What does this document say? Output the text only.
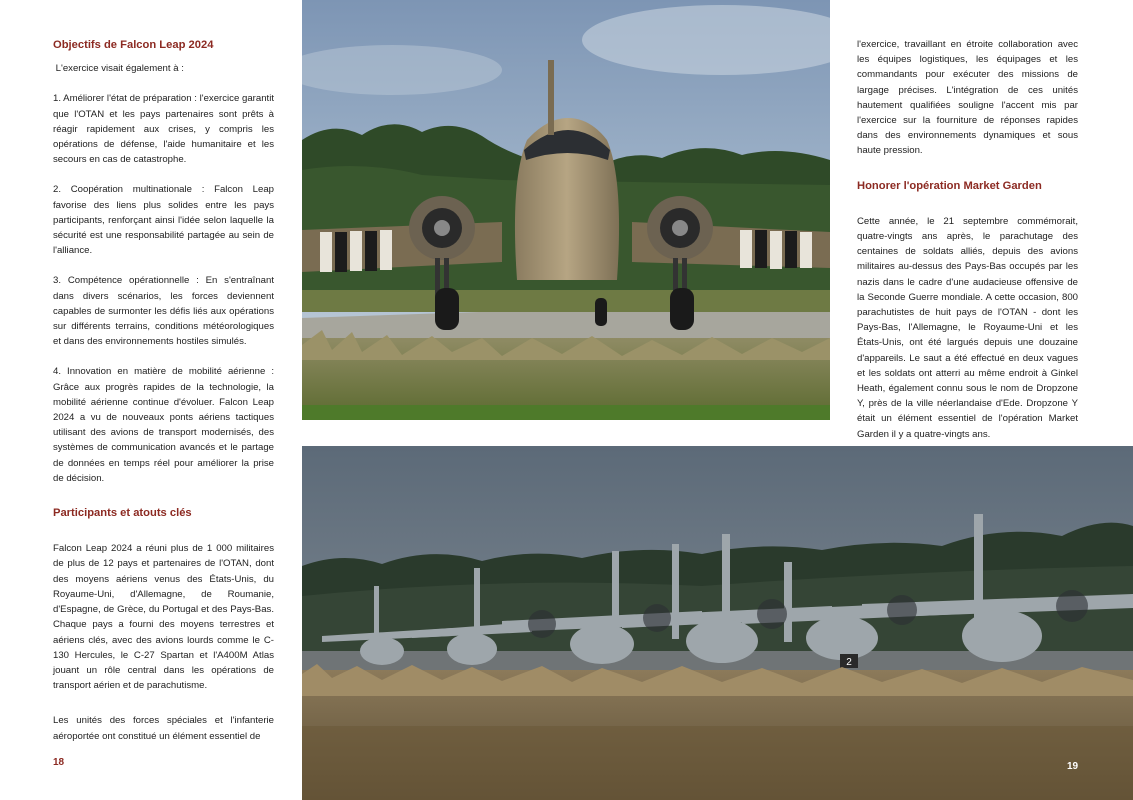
Objectifs de Falcon Leap 2024

L'exercice visait également à :

1. Améliorer l'état de préparation : l'exercice garantit que l'OTAN et les pays partenaires sont prêts à réagir rapidement aux crises, y compris les opérations de défense, l'aide humanitaire et les secours en cas de catastrophe.

2. Coopération multinationale : Falcon Leap favorise des liens plus solides entre les pays participants, renforçant ainsi l'idée selon laquelle la sécurité est une responsabilité partagée au sein de l'alliance.

3. Compétence opérationnelle : En s'entraînant dans divers scénarios, les forces deviennent capables de surmonter les défis liés aux opérations sur différents terrains, conditions météorologiques et dans des environnements hostiles simulés.

4. Innovation en matière de mobilité aérienne : Grâce aux progrès rapides de la technologie, la mobilité aérienne continue d'évoluer. Falcon Leap 2024 a vu de nouveaux ponts aériens tactiques utilisant des avions de transport modernisés, des systèmes de communication avancés et le partage de données en temps réel pour améliorer la prise de décision.

Participants et atouts clés

Falcon Leap 2024 a réuni plus de 1 000 militaires de plus de 12 pays et partenaires de l'OTAN, dont des moyens aériens venus des États-Unis, du Royaume-Uni, d'Allemagne, de Roumanie, d'Espagne, de Grèce, du Portugal et des Pays-Bas. Chaque pays a fourni des moyens terrestres et aériens clés, avec des avions lourds comme le C-130 Hercules, le C-27 Spartan et l'A400M Atlas jouant un rôle central dans les opérations de transport aérien et de parachutisme.

Les unités des forces spéciales et l'infanterie aéroportée ont constitué un élément essentiel de

18

l'exercice, travaillant en étroite collaboration avec les équipes logistiques, les équipages et les commandants pour exécuter des missions de largage précises. L'intégration de ces unités hautement qualifiées souligne l'accent mis par l'exercice sur la fourniture de réponses rapides dans des environnements dynamiques et sous haute pression.

Honorer l'opération Market Garden

Cette année, le 21 septembre commémorait, quatre-vingts ans après, le parachutage des centaines de soldats alliés, depuis des avions militaires au-dessus des Pays-Bas occupés par les nazis dans le cadre d'une audacieuse offensive de la Seconde Guerre mondiale. A cette occasion, 800 parachutistes de huit pays de l'OTAN - dont les Pays-Bas, l'Allemagne, le Royaume-Uni et les États-Unis, ont été largués depuis une douzaine d'appareils. Le saut a été effectué en deux vagues et les soldats ont atterri au même endroit à Ginkel Heath, également connu sous le nom de Dropzone Y, près de la ville néerlandaise d'Ede. Dropzone Y était un élément essentiel de l'opération Market Garden il y a quatre-vingts ans.

2
19
